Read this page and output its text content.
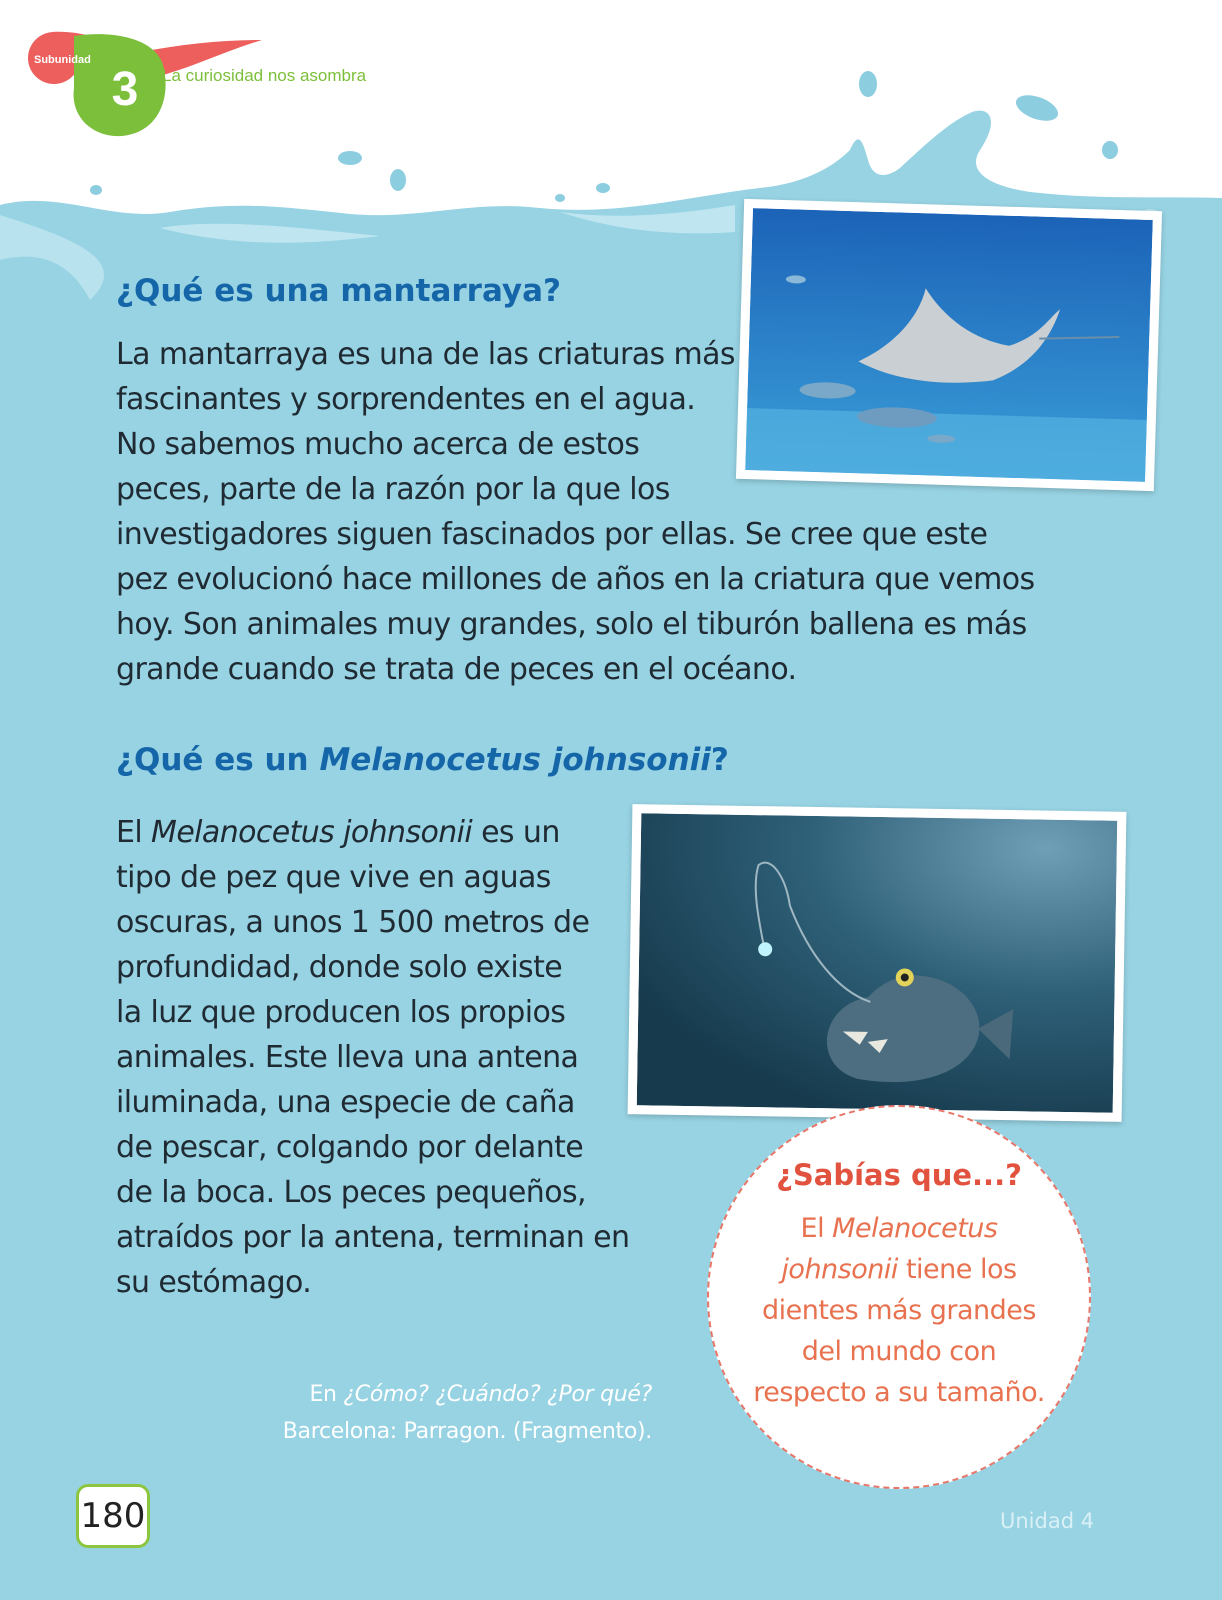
Subunidad
3	La curiosidad nos asombra
¿Qué es una mantarraya?
La mantarraya es una de las criaturas más
fascinantes y sorprendentes en el agua.
No sabemos mucho acerca de estos
peces, parte de la razón por la que los
investigadores siguen fascinados por ellas. Se cree que este
pez evolucionó hace millones de años en la criatura que vemos
hoy. Son animales muy grandes, solo el tiburón ballena es más
grande cuando se trata de peces en el océano.
¿Qué es un Melanocetus johnsonii?
El Melanocetus johnsonii es un
tipo de pez que vive en aguas
oscuras, a unos 1 500 metros de
profundidad, donde solo existe
la luz que producen los propios
animales. Este lleva una antena
iluminada, una especie de caña
de pescar, colgando por delante
de la boca. Los peces pequeños,
atraídos por la antena, terminan en
su estómago.
En ¿Cómo? ¿Cuándo? ¿Por qué?
Barcelona: Parragon. (Fragmento).
¿Sabías que...?
El Melanocetus johnsonii tiene los dientes más grandes del mundo con respecto a su tamaño.
180	Unidad 4
